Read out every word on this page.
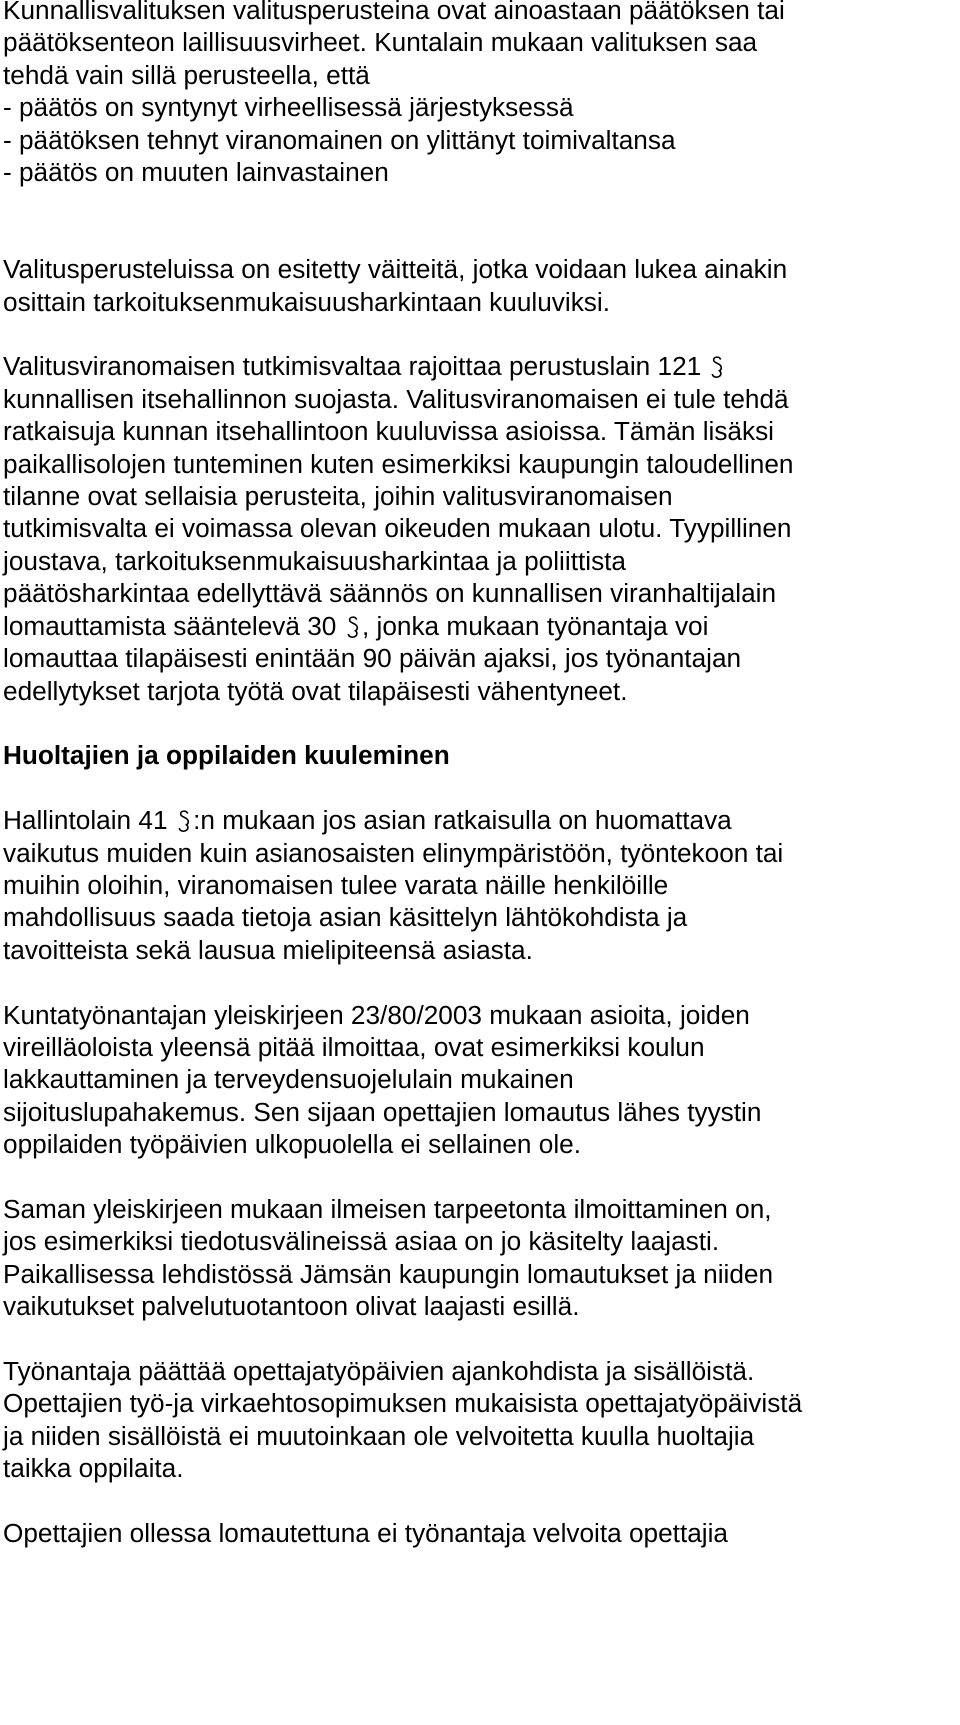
Kunnallisvalituksen valitusperusteina ovat ainoastaan päätöksen tai
päätöksenteon laillisuusvirheet. Kuntalain mukaan valituksen saa
tehdä vain sillä perusteella, että
- päätös on syntynyt virheellisessä järjestyksessä
- päätöksen tehnyt viranomainen on ylittänyt toimivaltansa
- päätös on muuten lainvastainen

Valitusperusteluissa on esitetty väitteitä, jotka voidaan lukea ainakin
osittain tarkoituksenmukaisuusharkintaan kuuluviksi.

Valitusviranomaisen tutkimisvaltaa rajoittaa perustuslain 121
kunnallisen itsehallinnon suojasta. Valitusviranomaisen ei tule tehdä
ratkaisuja kunnan itsehallintoon kuuluvissa asioissa. Tämän lisäksi
paikallisolojen tunteminen kuten esimerkiksi kaupungin taloudellinen
tilanne ovat sellaisia perusteita, joihin valitusviranomaisen
tutkimisvalta ei voimassa olevan oikeuden mukaan ulotu. Tyypillinen
joustava, tarkoituksenmukaisuusharkintaa ja poliittista
päätösharkintaa edellyttävä säännös on kunnallisen viranhaltijalain
lomauttamista sääntelevä 30 , jonka mukaan työnantaja voi
lomauttaa tilapäisesti enintään 90 päivän ajaksi, jos työnantajan
edellytykset tarjota työtä ovat tilapäisesti vähentyneet.

Huoltajien ja oppilaiden kuuleminen

Hallintolain 41 :n mukaan jos asian ratkaisulla on huomattava
vaikutus muiden kuin asianosaisten elinympäristöön, työntekoon tai
muihin oloihin, viranomaisen tulee varata näille henkilöille
mahdollisuus saada tietoja asian käsittelyn lähtökohdista ja
tavoitteista sekä lausua mielipiteensä asiasta.

Kuntatyönantajan yleiskirjeen 23/80/2003 mukaan asioita, joiden
vireilläoloista yleensä pitää ilmoittaa, ovat esimerkiksi koulun
lakkauttaminen ja terveydensuojelulain mukainen
sijoituslupahakemus. Sen sijaan opettajien lomautus lähes tyystin
oppilaiden työpäivien ulkopuolella ei sellainen ole.

Saman yleiskirjeen mukaan ilmeisen tarpeetonta ilmoittaminen on,
jos esimerkiksi tiedotusvälineissä asiaa on jo käsitelty laajasti.
Paikallisessa lehdistössä Jämsän kaupungin lomautukset ja niiden
vaikutukset palvelutuotantoon olivat laajasti esillä.

Työnantaja päättää opettajatyöpäivien ajankohdista ja sisällöistä.
Opettajien työ-ja virkaehtosopimuksen mukaisista opettajatyöpäivistä
ja niiden sisällöistä ei muutoinkaan ole velvoitetta kuulla huoltajia
taikka oppilaita.

Opettajien ollessa lomautettuna ei työnantaja velvoita opettajia
